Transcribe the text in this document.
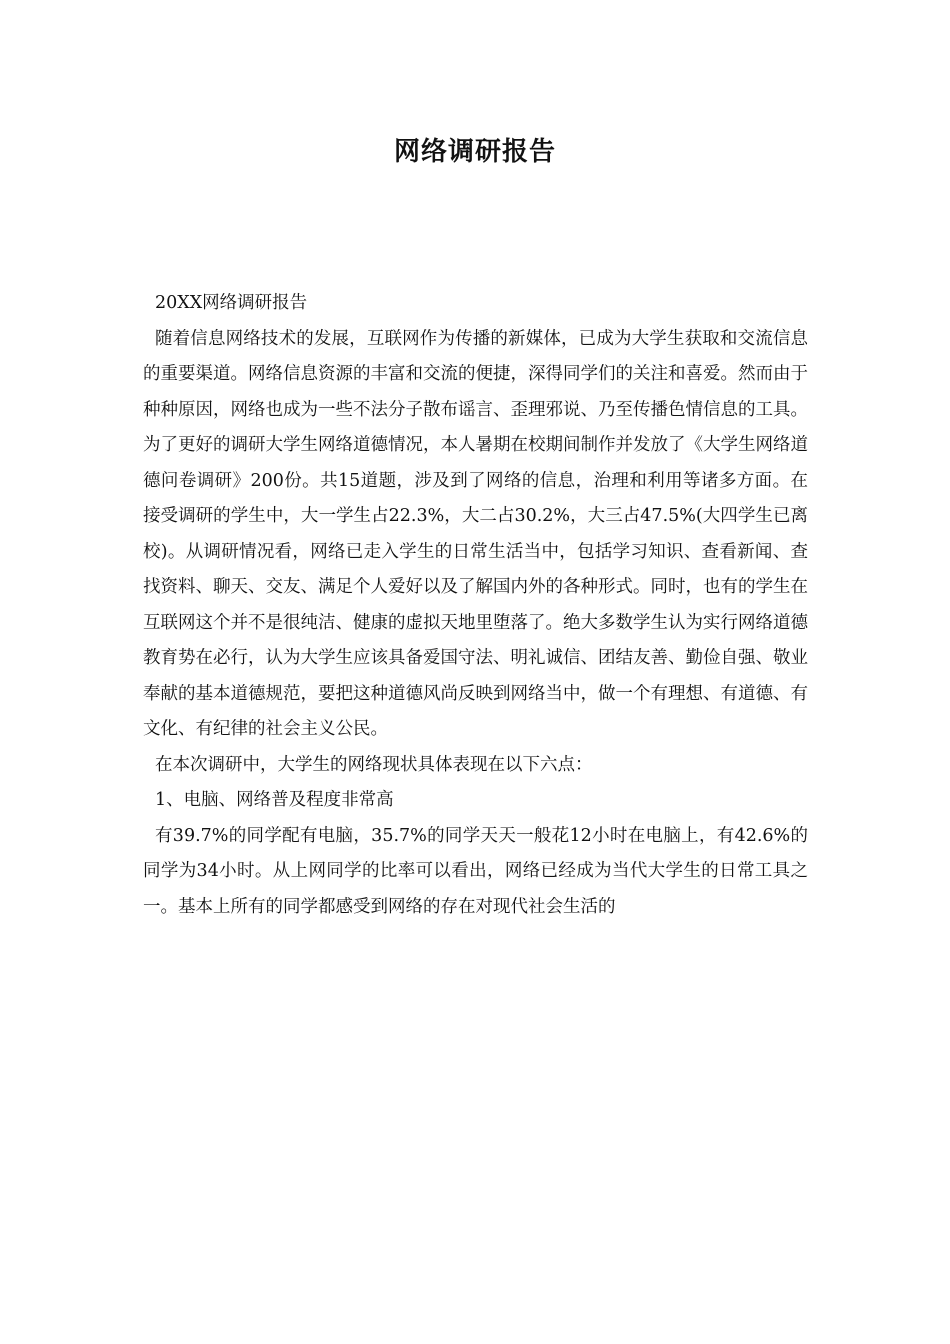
网络调研报告

20XX网络调研报告

随着信息网络技术的发展，互联网作为传播的新媒体，已成为大学生获取和交流信息的重要渠道。网络信息资源的丰富和交流的便捷，深得同学们的关注和喜爱。然而由于种种原因，网络也成为一些不法分子散布谣言、歪理邪说、乃至传播色情信息的工具。为了更好的调研大学生网络道德情况，本人暑期在校期间制作并发放了《大学生网络道德问卷调研》200份。共15道题，涉及到了网络的信息，治理和利用等诸多方面。在接受调研的学生中，大一学生占22.3%，大二占30.2%，大三占47.5%(大四学生已离校)。从调研情况看，网络已走入学生的日常生活当中，包括学习知识、查看新闻、查找资料、聊天、交友、满足个人爱好以及了解国内外的各种形式。同时，也有的学生在互联网这个并不是很纯洁、健康的虚拟天地里堕落了。绝大多数学生认为实行网络道德教育势在必行，认为大学生应该具备爱国守法、明礼诚信、团结友善、勤俭自强、敬业奉献的基本道德规范，要把这种道德风尚反映到网络当中，做一个有理想、有道德、有文化、有纪律的社会主义公民。

在本次调研中，大学生的网络现状具体表现在以下六点：

1、电脑、网络普及程度非常高

有39.7%的同学配有电脑，35.7%的同学天天一般花12小时在电脑上，有42.6%的同学为34小时。从上网同学的比率可以看出，网络已经成为当代大学生的日常工具之一。基本上所有的同学都感受到网络的存在对现代社会生活的
